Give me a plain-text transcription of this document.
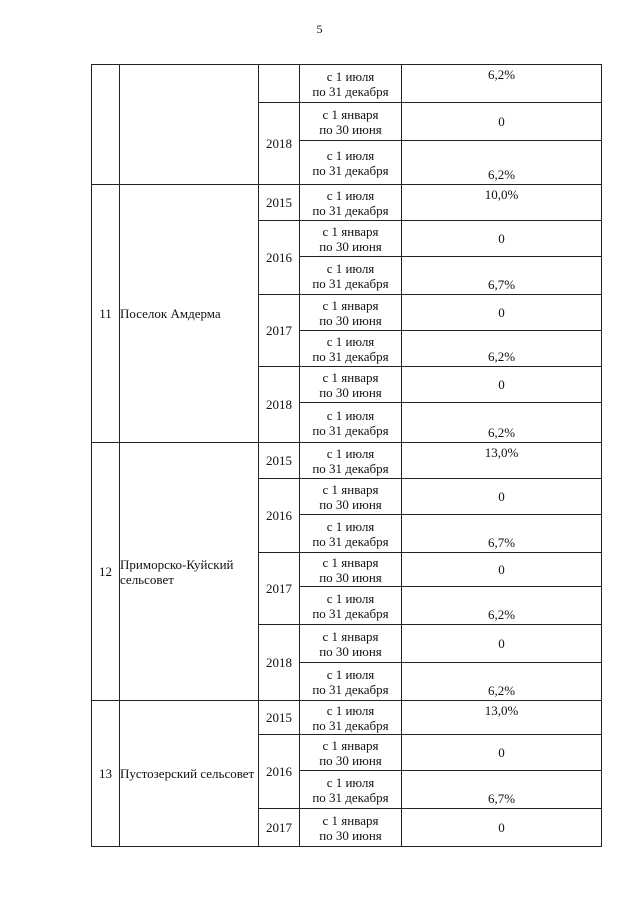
5

			с 1 июля
по 31 декабря	6,2%
		2018	с 1 января
по 30 июня	0

			с 1 июля
по 31 декабря	6,2%
11	Поселок Амдерма	2015	с 1 июля
по 31 декабря	10,0%
		2016	с 1 января
по 30 июня	0

			с 1 июля
по 31 декабря	6,7%
		2017	с 1 января
по 30 июня	0

			с 1 июля
по 31 декабря	6,2%
		2018	с 1 января
по 30 июня	0

			с 1 июля
по 31 декабря	6,2%
12	Приморско-Куйский сельсовет	2015	с 1 июля
по 31 декабря	13,0%
		2016	с 1 января
по 30 июня	0

			с 1 июля
по 31 декабря	6,7%
		2017	с 1 января
по 30 июня	0

			с 1 июля
по 31 декабря	6,2%
		2018	с 1 января
по 30 июня	0

			с 1 июля
по 31 декабря	6,2%
13	Пустозерский сельсовет	2015	с 1 июля
по 31 декабря	13,0%
		2016	с 1 января
по 30 июня	0

			с 1 июля
по 31 декабря	6,7%
		2017	с 1 января
по 30 июня	0
